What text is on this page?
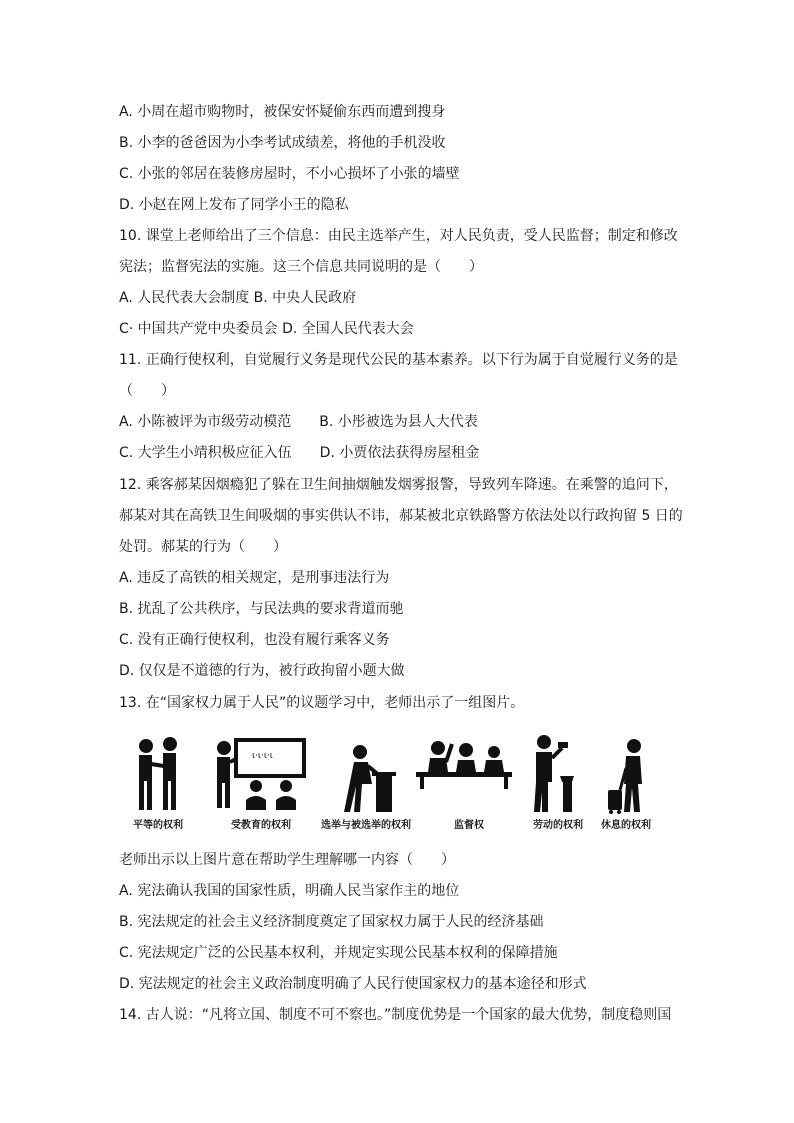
A. 小周在超市购物时，被保安怀疑偷东西而遭到搜身
B. 小李的爸爸因为小李考试成绩差，将他的手机没收
C. 小张的邻居在装修房屋时，不小心损坏了小张的墙壁
D. 小赵在网上发布了同学小王的隐私
10. 课堂上老师给出了三个信息：由民主选举产生，对人民负责，受人民监督；制定和修改
宪法；监督宪法的实施。这三个信息共同说明的是（　　）
A. 人民代表大会制度 B. 中央人民政府
C· 中国共产党中央委员会 D. 全国人民代表大会
11. 正确行使权利，自觉履行义务是现代公民的基本素养。以下行为属于自觉履行义务的是
（　　）
A. 小陈被评为市级劳动模范　　B. 小彤被选为县人大代表
C. 大学生小靖积极应征入伍　　D. 小贾依法获得房屋租金
12. 乘客郝某因烟瘾犯了躲在卫生间抽烟触发烟雾报警，导致列车降速。在乘警的追问下，
郝某对其在高铁卫生间吸烟的事实供认不讳，郝某被北京铁路警方依法处以行政拘留 5 日的
处罚。郝某的行为（　　）
A. 违反了高铁的相关规定，是刑事违法行为
B. 扰乱了公共秩序，与民法典的要求背道而驰
C. 没有正确行使权利，也没有履行乘客义务
D. 仅仅是不道德的行为，被行政拘留小题大做
13. 在“国家权力属于人民”的议题学习中，老师出示了一组图片。
ι·ι·ι·ι
平等的权利	受教育的权利	选举与被选举的权利	监督权	劳动的权利 休息的权利
老师出示以上图片意在帮助学生理解哪一内容（　　）
A. 宪法确认我国的国家性质，明确人民当家作主的地位
B. 宪法规定的社会主义经济制度奠定了国家权力属于人民的经济基础
C. 宪法规定广泛的公民基本权利，并规定实现公民基本权利的保障措施
D. 宪法规定的社会主义政治制度明确了人民行使国家权力的基本途径和形式
14. 古人说：“凡将立国、制度不可不察也。”制度优势是一个国家的最大优势，制度稳则国
